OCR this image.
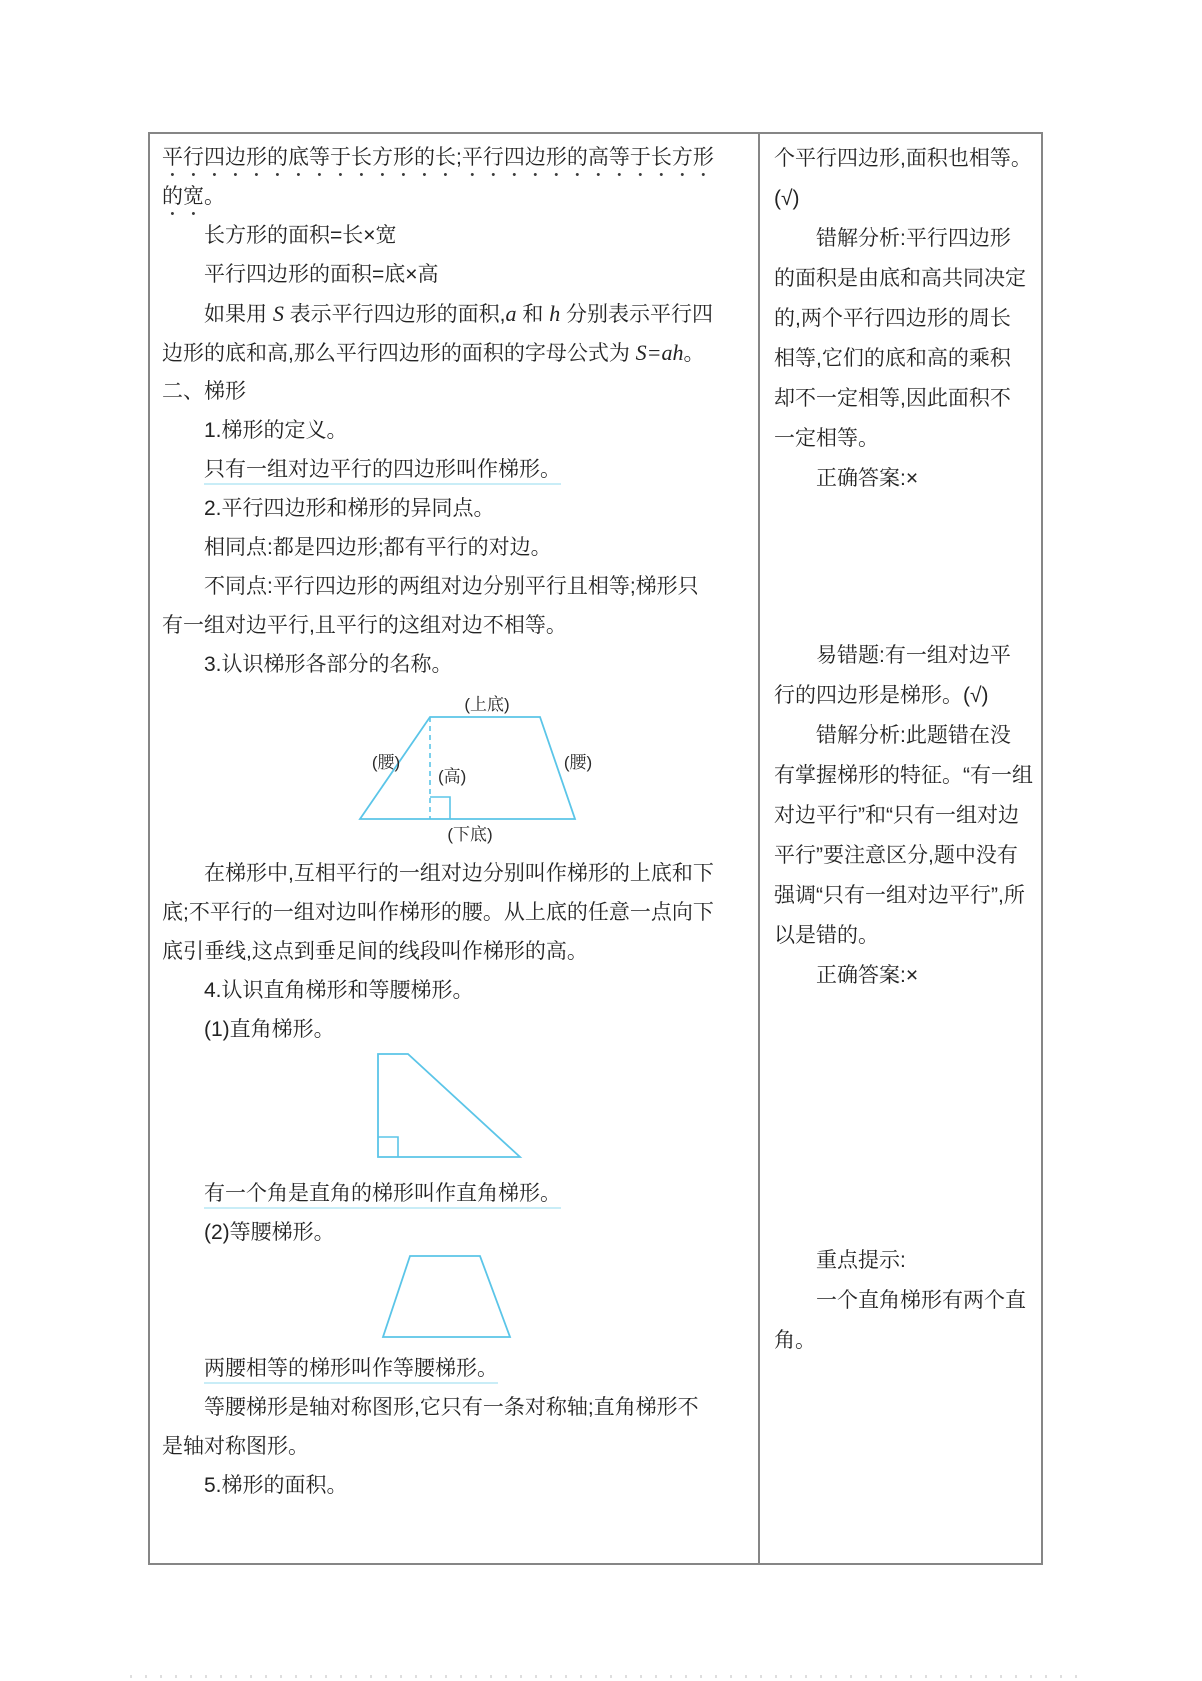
平行四边形的底等于长方形的长;平行四边形的高等于长方形
的宽。
长方形的面积=长×宽
平行四边形的面积=底×高
如果用 S 表示平行四边形的面积,a 和 h 分别表示平行四
边形的底和高,那么平行四边形的面积的字母公式为 S=ah。
二、梯形
1.梯形的定义。
只有一组对边平行的四边形叫作梯形。
2.平行四边形和梯形的异同点。
相同点:都是四边形;都有平行的对边。
不同点:平行四边形的两组对边分别平行且相等;梯形只
有一组对边平行,且平行的这组对边不相等。
3.认识梯形各部分的名称。
(上底)
(腰)	(腰)
(高)
(下底)
在梯形中,互相平行的一组对边分别叫作梯形的上底和下
底;不平行的一组对边叫作梯形的腰。从上底的任意一点向下
底引垂线,这点到垂足间的线段叫作梯形的高。
4.认识直角梯形和等腰梯形。
(1)直角梯形。
有一个角是直角的梯形叫作直角梯形。
(2)等腰梯形。
两腰相等的梯形叫作等腰梯形。
等腰梯形是轴对称图形,它只有一条对称轴;直角梯形不
是轴对称图形。
5.梯形的面积。
个平行四边形,面积也相等。
(√)
错解分析:平行四边形
的面积是由底和高共同决定
的,两个平行四边形的周长
相等,它们的底和高的乘积
却不一定相等,因此面积不
一定相等。
正确答案:×
易错题:有一组对边平
行的四边形是梯形。(√)
错解分析:此题错在没
有掌握梯形的特征。“有一组
对边平行”和“只有一组对边
平行”要注意区分,题中没有
强调“只有一组对边平行”,所
以是错的。
正确答案:×
重点提示:
一个直角梯形有两个直
角。
